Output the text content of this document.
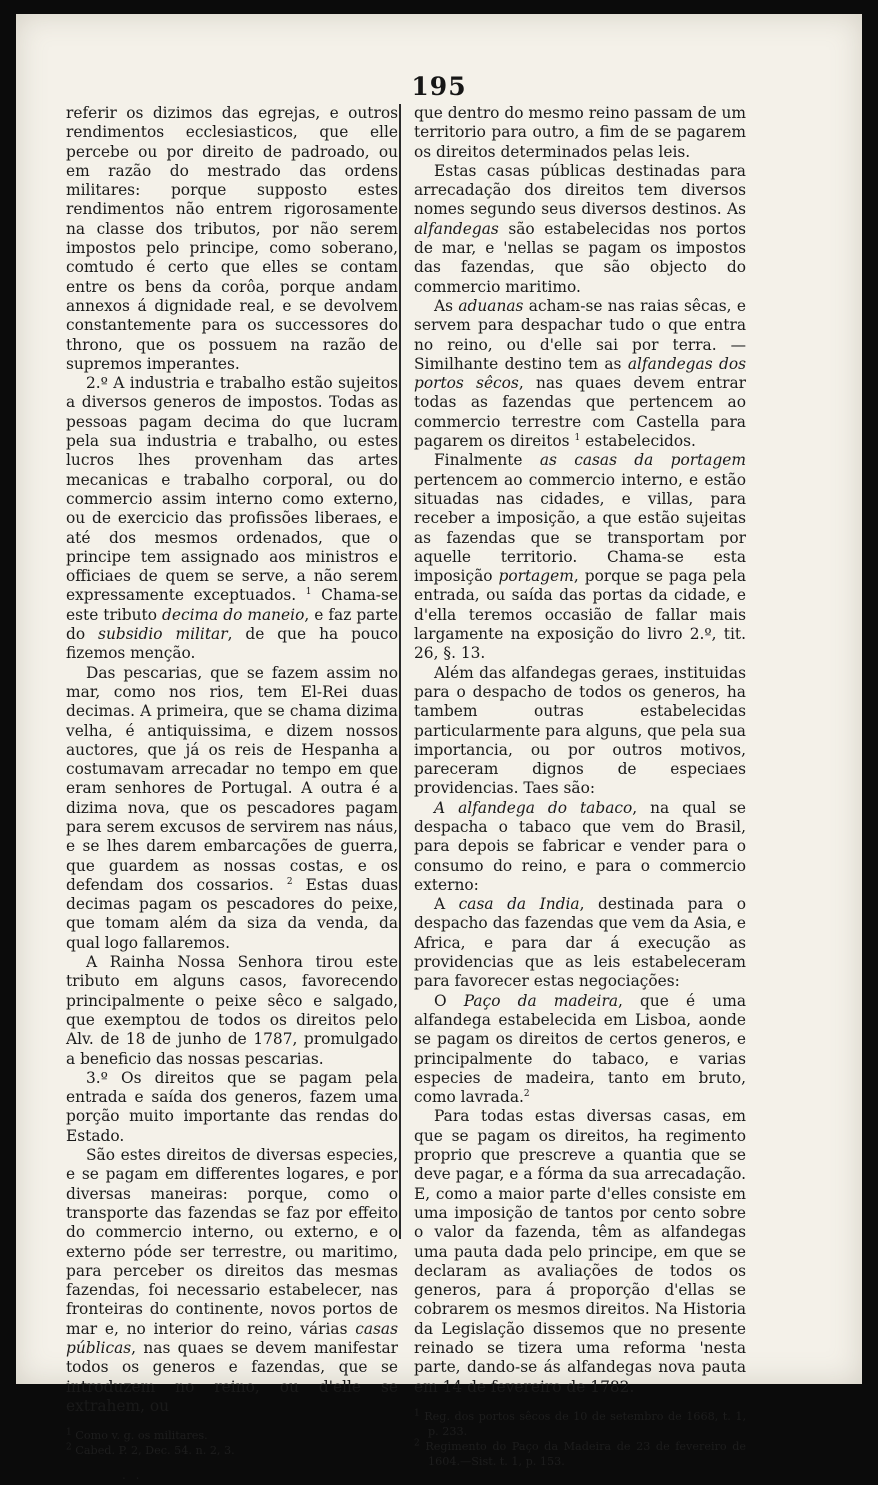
195

referir os dizimos das egrejas, e outros rendimentos ecclesiasticos, que elle percebe ou por direito de padroado, ou em razão do mestrado das ordens militares: porque supposto estes rendimentos não entrem rigorosamente na classe dos tributos, por não serem impostos pelo principe, como soberano, comtudo é certo que elles se contam entre os bens da corôa, porque andam annexos á dignidade real, e se devolvem constantemente para os successores do throno, que os possuem na razão de supremos imperantes.

2.º A industria e trabalho estão sujeitos a diversos generos de impostos. Todas as pessoas pagam decima do que lucram pela sua industria e trabalho, ou estes lucros lhes provenham das artes mecanicas e trabalho corporal, ou do commercio assim interno como externo, ou de exercicio das profissões liberaes, e até dos mesmos ordenados, que o principe tem assignado aos ministros e officiaes de quem se serve, a não serem expressamente exceptuados. $^1$ Chama-se este tributo decima do maneio, e faz parte do subsidio militar, de que ha pouco fizemos menção.

Das pescarias, que se fazem assim no mar, como nos rios, tem El-Rei duas decimas. A primeira, que se chama dizima velha, é antiquissima, e dizem nossos auctores, que já os reis de Hespanha a costumavam arrecadar no tempo em que eram senhores de Portugal. A outra é a dizima nova, que os pescadores pagam para serem excusos de servirem nas náus, e se lhes darem embarcações de guerra, que guardem as nossas costas, e os defendam dos cossarios. $^2$ Estas duas decimas pagam os pescadores do peixe, que tomam além da siza da venda, da qual logo fallaremos.

A Rainha Nossa Senhora tirou este tributo em alguns casos, favorecendo principalmente o peixe sêco e salgado, que exemptou de todos os direitos pelo Alv. de 18 de junho de 1787, promulgado a beneficio das nossas pescarias.

3.º Os direitos que se pagam pela entrada e saída dos generos, fazem uma porção muito importante das rendas do Estado.

São estes direitos de diversas especies, e se pagam em differentes logares, e por diversas maneiras: porque, como o transporte das fazendas se faz por effeito do commercio interno, ou externo, e o externo póde ser terrestre, ou maritimo, para perceber os direitos das mesmas fazendas, foi necessario estabelecer, nas fronteiras do continente, novos portos de mar e, no interior do reino, várias casas públicas, nas quaes se devem manifestar todos os generos e fazendas, que se introduzem no reino, ou d'elle se extrahem, ou

$^1$ Como v. g. os militares.
$^2$ Cabed. P. 2, Dec. 54. n. 2, 3.
. .

que dentro do mesmo reino passam de um territorio para outro, a fim de se pagarem os direitos determinados pelas leis.

Estas casas públicas destinadas para arrecadação dos direitos tem diversos nomes segundo seus diversos destinos. As alfandegas são estabelecidas nos portos de mar, e 'nellas se pagam os impostos das fazendas, que são objecto do commercio maritimo.

As aduanas acham-se nas raias sêcas, e servem para despachar tudo o que entra no reino, ou d'elle sai por terra. — Similhante destino tem as alfandegas dos portos sêcos, nas quaes devem entrar todas as fazendas que pertencem ao commercio terrestre com Castella para pagarem os direitos $^1$ estabelecidos.

Finalmente as casas da portagem pertencem ao commercio interno, e estão situadas nas cidades, e villas, para receber a imposição, a que estão sujeitas as fazendas que se transportam por aquelle territorio. Chama-se esta imposição portagem, porque se paga pela entrada, ou saída das portas da cidade, e d'ella teremos occasião de fallar mais largamente na exposição do livro 2.º, tit. 26, §. 13.

Além das alfandegas geraes, instituidas para o despacho de todos os generos, ha tambem outras estabelecidas particularmente para alguns, que pela sua importancia, ou por outros motivos, pareceram dignos de especiaes providencias. Taes são:

A alfandega do tabaco, na qual se despacha o tabaco que vem do Brasil, para depois se fabricar e vender para o consumo do reino, e para o commercio externo:

A casa da India, destinada para o despacho das fazendas que vem da Asia, e Africa, e para dar á execução as providencias que as leis estabeleceram para favorecer estas negociações:

O Paço da madeira, que é uma alfandega estabelecida em Lisboa, aonde se pagam os direitos de certos generos, e principalmente do tabaco, e varias especies de madeira, tanto em bruto, como lavrada.$^2$

Para todas estas diversas casas, em que se pagam os direitos, ha regimento proprio que prescreve a quantia que se deve pagar, e a fórma da sua arrecadação. E, como a maior parte d'elles consiste em uma imposição de tantos por cento sobre o valor da fazenda, têm as alfandegas uma pauta dada pelo principe, em que se declaram as avaliações de todos os generos, para á proporção d'ellas se cobrarem os mesmos direitos. Na Historia da Legislação dissemos que no presente reinado se tizera uma reforma 'nesta parte, dando-se ás alfandegas nova pauta em 14 de fevereiro de 1782.

$^1$ Reg. dos portos sêcos de 10 de setembro de 1668, t. 1, p. 233.
$^2$ Regimento do Paço da Madeira de 23 de fevereiro de 1604.—Sist. t. 1, p. 153.
